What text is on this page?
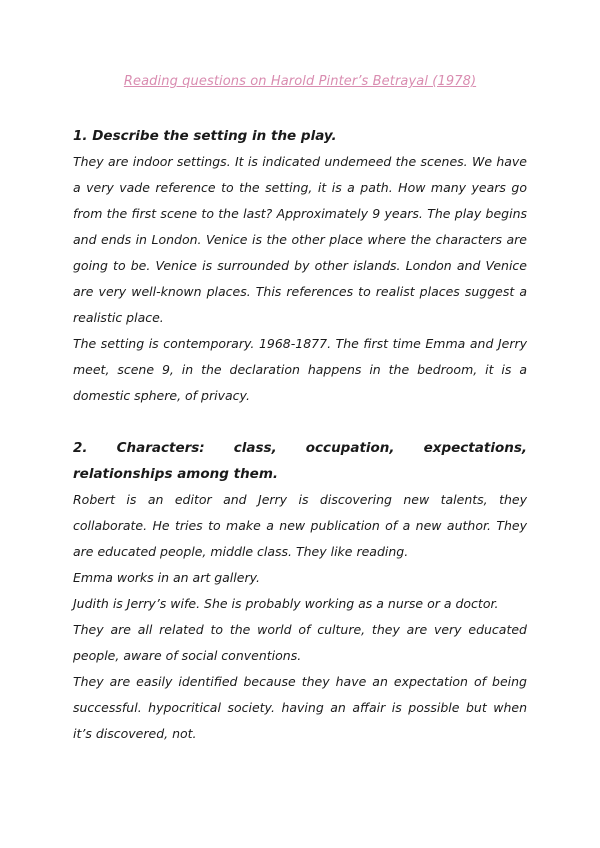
Reading questions on Harold Pinter’s Betrayal (1978)

1. Describe the setting in the play.

They are indoor settings. It is indicated undemeed the scenes. We have a very vade reference to the setting, it is a path. How many years go from the first scene to the last? Approximately 9 years. The play begins and ends in London. Venice is the other place where the characters are going to be. Venice is surrounded by other islands. London and Venice are very well-known places. This references to realist places suggest a realistic place.

The setting is contemporary. 1968-1877. The first time Emma and Jerry meet, scene 9, in the declaration happens in the bedroom, it is a domestic sphere, of privacy.

2. Characters: class, occupation, expectations, relationships among them.

Robert is an editor and Jerry is discovering new talents, they collaborate. He tries to make a new publication of a new author. They are educated people, middle class. They like reading.

Emma works in an art gallery.

Judith is Jerry’s wife. She is probably working as a nurse or a doctor.

They are all related to the world of culture, they are very educated people, aware of social conventions.

They are easily identified because they have an expectation of being successful. hypocritical society. having an affair is possible but when it’s discovered, not.
